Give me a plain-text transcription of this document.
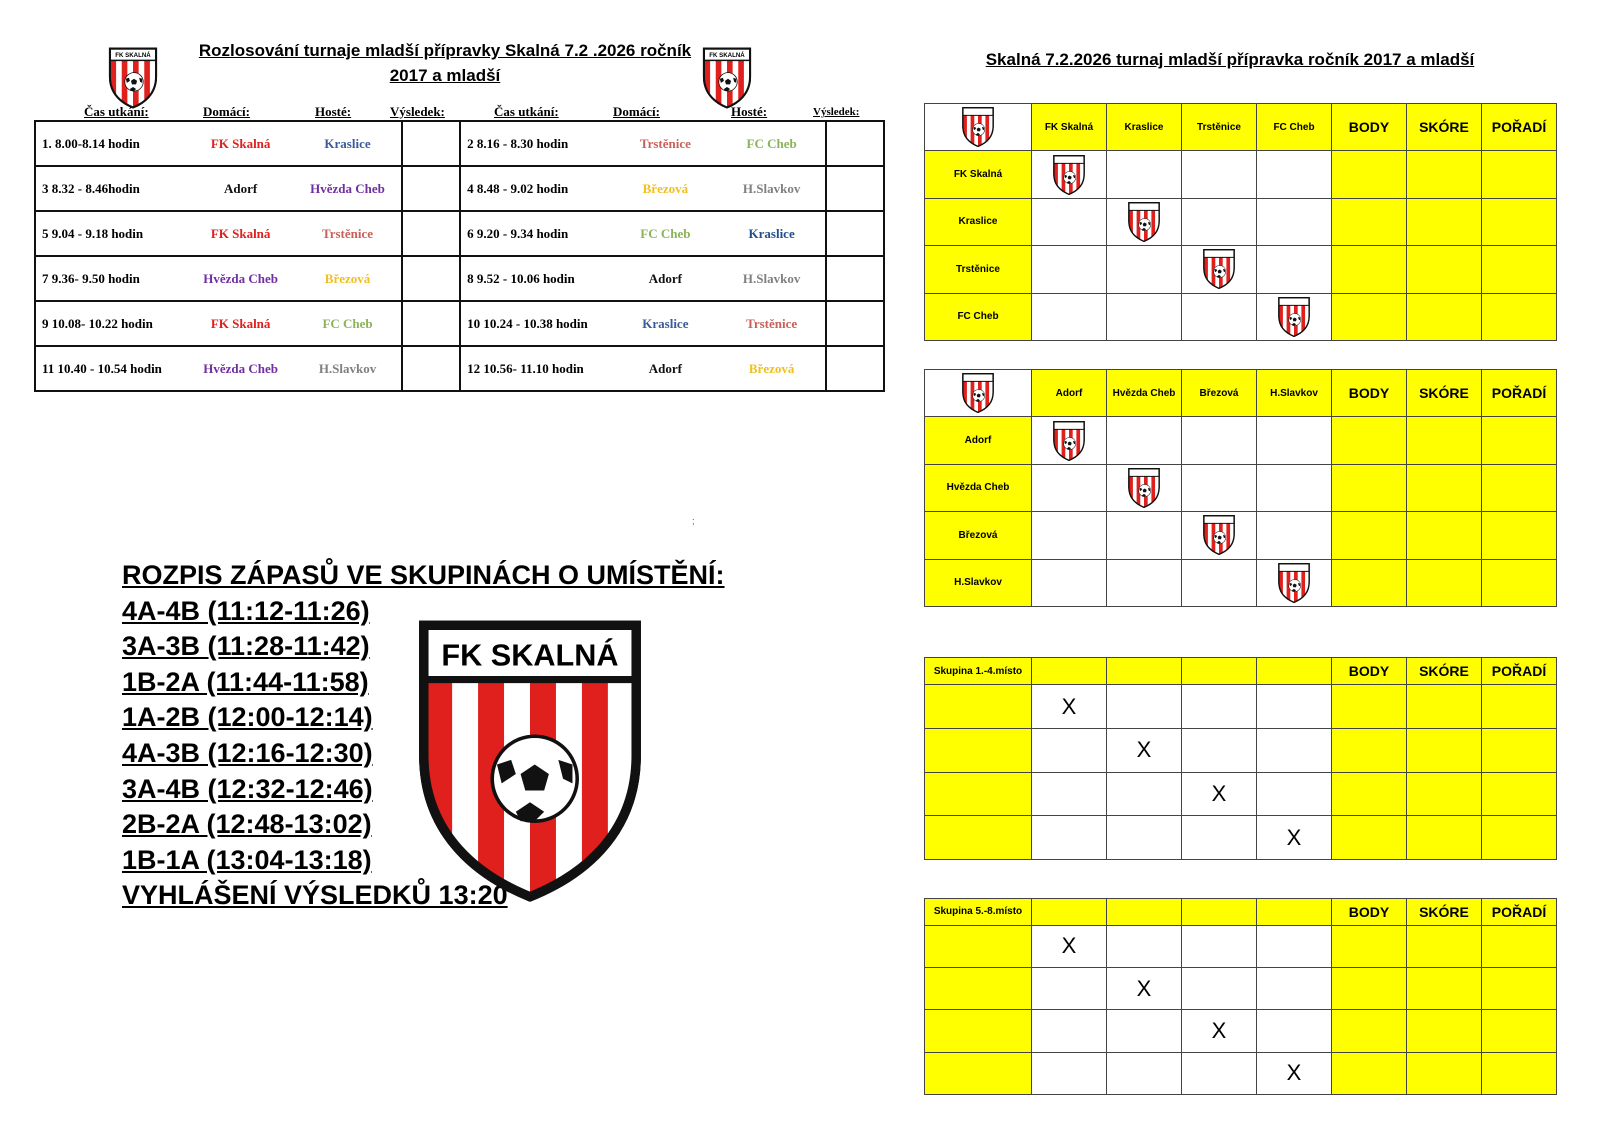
FK SKALNÁ	FK SKALNÁ
Rozlosování turnaje mladší přípravky Skalná 7.2 .2026 ročník
2017 a mladší
Čas utkání:	Domácí:	Hosté:	Výsledek:	Čas utkání:	Domácí:	Hosté:	Výsledek:
1. 8.00-8.14 hodin	FK Skalná	Kraslice		2 8.16 - 8.30 hodin	Trstěnice	FC Cheb	
3 8.32 - 8.46hodin	Adorf	Hvězda Cheb		4 8.48 - 9.02 hodin	Březová	H.Slavkov	
5 9.04 - 9.18 hodin	FK Skalná	Trstěnice		6 9.20 - 9.34 hodin	FC Cheb	Kraslice	
7 9.36- 9.50 hodin	Hvězda Cheb	Březová		8 9.52 - 10.06 hodin	Adorf	H.Slavkov	
9 10.08- 10.22 hodin	FK Skalná	FC Cheb		10 10.24 - 10.38 hodin	Kraslice	Trstěnice	
11 10.40 - 10.54 hodin	Hvězda Cheb	H.Slavkov		12 10.56- 11.10 hodin	Adorf	Březová	
;
ROZPIS ZÁPASŮ VE SKUPINÁCH O UMÍSTĚNÍ:
4A-4B (11:12-11:26)
3A-3B (11:28-11:42)
1B-2A (11:44-11:58)
1A-2B (12:00-12:14)
4A-3B (12:16-12:30)
3A-4B (12:32-12:46)
2B-2A (12:48-13:02)
1B-1A (13:04-13:18)
VYHLÁŠENÍ VÝSLEDKŮ 13:20
FK SKALNÁ
Skalná 7.2.2026 turnaj mladší přípravka ročník 2017 a mladší
	FK Skalná	Kraslice	Trstěnice	FC Cheb	BODY	SKÓRE	POŘADÍ
FK Skalná	

Kraslice		

Trstěnice			

FC Cheb				

	Adorf	Hvězda Cheb	Březová	H.Slavkov	BODY	SKÓRE	POŘADÍ
Adorf	

Hvězda Cheb		

Březová			

H.Slavkov				

Skupina 1.-4.místo					BODY	SKÓRE	POŘADÍ
	X						
		X					
			X				
				X			
Skupina 5.-8.místo					BODY	SKÓRE	POŘADÍ
	X						
		X					
			X				
				X			
